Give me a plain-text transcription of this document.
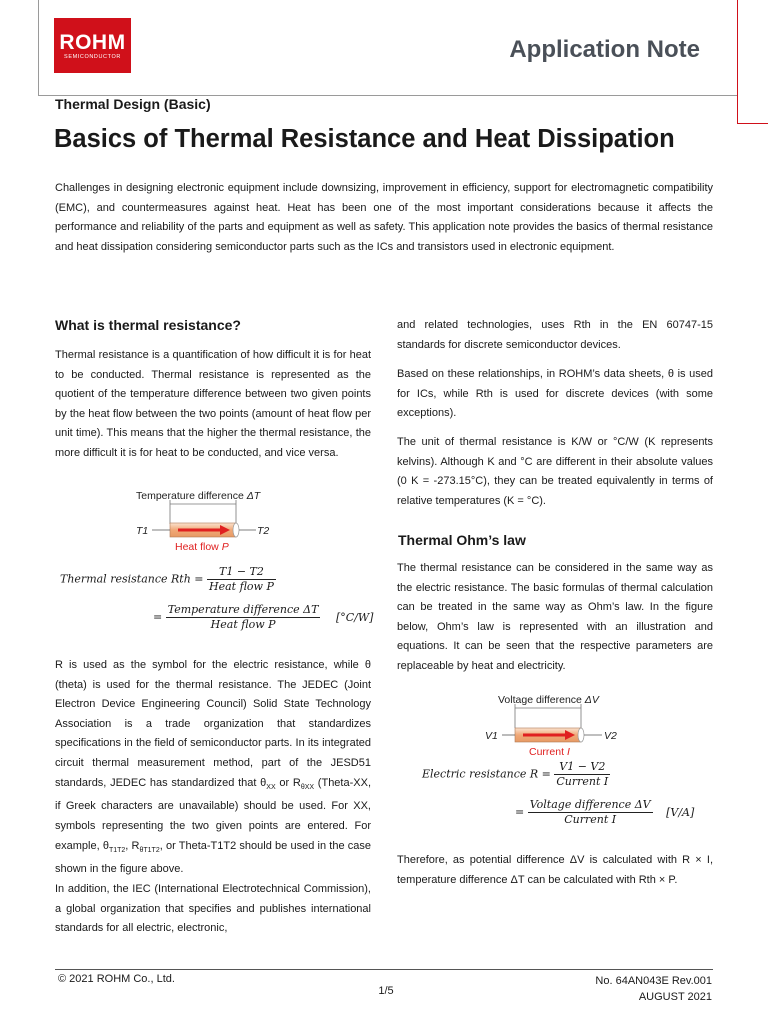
ROHM
SEMICONDUCTOR	Application Note
Thermal Design (Basic)
Basics of Thermal Resistance and Heat Dissipation
Challenges in designing electronic equipment include downsizing, improvement in efficiency, support for electromagnetic compatibility (EMC), and countermeasures against heat. Heat has been one of the most important considerations because it affects the performance and reliability of the parts and equipment as well as safety. This application note provides the basics of thermal resistance and heat dissipation considering semiconductor parts such as the ICs and transistors used in electronic equipment.
What is thermal resistance?
Thermal resistance is a quantification of how difficult it is for heat to be conducted. Thermal resistance is represented as the quotient of the temperature difference between two given points by the heat flow between the two points (amount of heat flow per unit time). This means that the higher the thermal resistance, the more difficult it is for heat to be conducted, and vice versa.
Temperature difference ΔT
T1	T2
Heat flow P
Thermal resistance Rth = $\frac{T1 - T2}{\text{Heat flow P}}$
= $\frac{\text{Temperature difference ΔT}}{\text{Heat flow P}} [^\circ C/W]$
R is used as the symbol for the electric resistance, while θ (theta) is used for the thermal resistance. The JEDEC (Joint Electron Device Engineering Council) Solid State Technology Association is a trade organization that standardizes specifications in the field of semiconductor parts. In its integrated circuit thermal measurement method, part of the JESD51 standards, JEDEC has standardized that $\theta_{XX}$ or $R_{\theta XX}$ (Theta-XX, if Greek characters are unavailable) should be used. For XX, symbols representing the two given points are entered. For example, $\theta_{T1T2}$, $R_{\theta T1T2}$, or Theta-T1T2 should be used in the case shown in the figure above.
In addition, the IEC (International Electrotechnical Commission), a global organization that specifies and publishes international standards for all electric, electronic,
and related technologies, uses Rth in the EN 60747-15 standards for discrete semiconductor devices.
Based on these relationships, in ROHM’s data sheets, θ is used for ICs, while Rth is used for discrete devices (with some exceptions).
The unit of thermal resistance is K/W or °C/W (K represents kelvins). Although K and °C are different in their absolute values (0 K = -273.15°C), they can be treated equivalently in terms of relative temperatures (K = °C).
Thermal Ohm’s law
The thermal resistance can be considered in the same way as the electric resistance. The basic formulas of thermal calculation can be treated in the same way as Ohm’s law. In the figure below, Ohm’s law is represented with an illustration and equations. It can be seen that the respective parameters are replaceable by heat and electricity.
Voltage difference ΔV
V1	V2
Current I
Electric resistance $R = \frac{V1 - V2}{\text{Current I}}$
= $\frac{\text{Voltage difference ΔV}}{\text{Current I}} [V/A]$
Therefore, as potential difference ΔV is calculated with R × I, temperature difference ΔT can be calculated with Rth × P.
© 2021 ROHM Co., Ltd.
1/5
No. 64AN043E Rev.001
AUGUST 2021
